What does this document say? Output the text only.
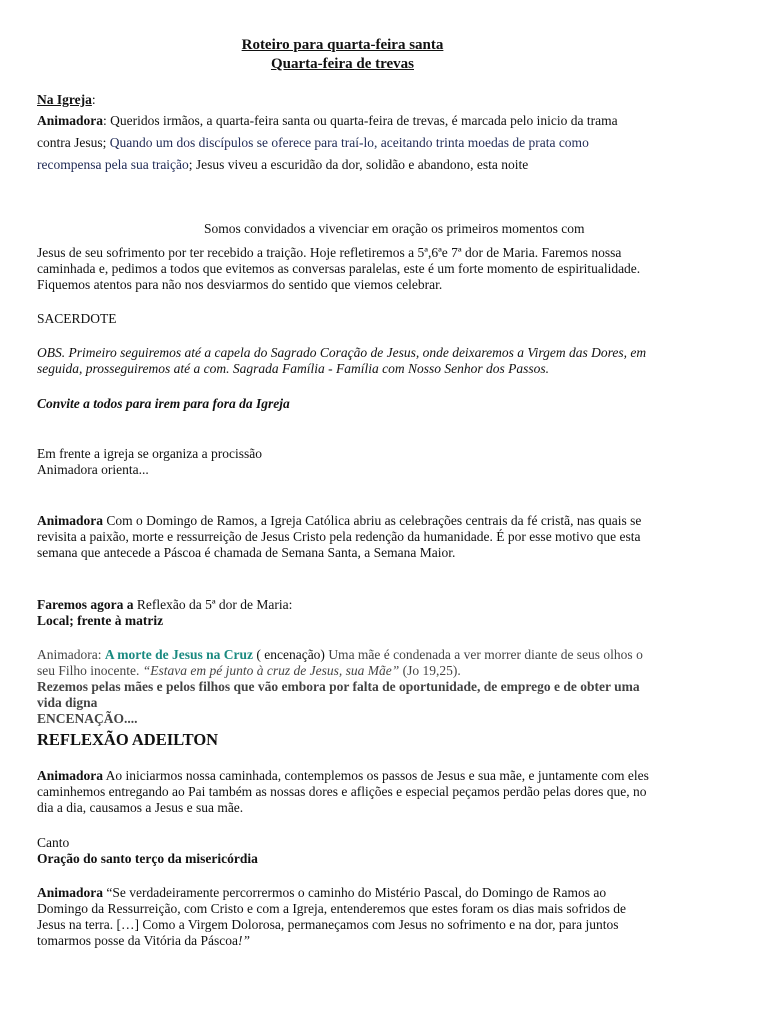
Roteiro para quarta-feira santa
Quarta-feira de trevas
Na Igreja:
Animadora: Queridos irmãos, a quarta-feira santa ou quarta-feira de trevas, é marcada pelo inicio da trama contra Jesus; Quando um dos discípulos se oferece para traí-lo, aceitando trinta moedas de prata como recompensa pela sua traição; Jesus viveu a escuridão da dor, solidão e abandono, esta noite
Somos convidados a vivenciar em oração os primeiros momentos com
Jesus de seu sofrimento por ter recebido a traição. Hoje refletiremos a 5ª,6ªe 7ª dor de Maria. Faremos nossa caminhada e, pedimos a todos que evitemos as conversas paralelas, este é um forte momento de espiritualidade. Fiquemos atentos para não nos desviarmos do sentido que viemos celebrar.
SACERDOTE
OBS. Primeiro seguiremos até a capela do Sagrado Coração de Jesus, onde deixaremos a Virgem das Dores, em seguida, prosseguiremos até a com. Sagrada Família - Família com Nosso Senhor dos Passos.
Convite a todos para irem para fora da Igreja
Em frente a igreja se organiza a procissão
Animadora orienta...
Animadora Com o Domingo de Ramos, a Igreja Católica abriu as celebrações centrais da fé cristã, nas quais se revisita a paixão, morte e ressurreição de Jesus Cristo pela redenção da humanidade. É por esse motivo que esta semana que antecede a Páscoa é chamada de Semana Santa, a Semana Maior.
Faremos agora a Reflexão da 5ª dor de Maria:
Local; frente à matriz
Animadora: A morte de Jesus na Cruz ( encenação) Uma mãe é condenada a ver morrer diante de seus olhos o seu Filho inocente. “Estava em pé junto à cruz de Jesus, sua Mãe” (Jo 19,25).
Rezemos pelas mães e pelos filhos que vão embora por falta de oportunidade, de emprego e de obter uma vida digna
ENCENAÇÃO....
REFLEXÃO ADEILTON
Animadora Ao iniciarmos nossa caminhada, contemplemos os passos de Jesus e sua mãe, e juntamente com eles caminhemos entregando ao Pai também as nossas dores e aflições e especial peçamos perdão pelas dores que, no dia a dia, causamos a Jesus e sua mãe.
Canto
Oração do santo terço da misericórdia
Animadora “Se verdadeiramente percorrermos o caminho do Mistério Pascal, do Domingo de Ramos ao Domingo da Ressurreição, com Cristo e com a Igreja, entenderemos que estes foram os dias mais sofridos de Jesus na terra. […] Como a Virgem Dolorosa, permaneçamos com Jesus no sofrimento e na dor, para juntos tomarmos posse da Vitória da Páscoa!”
